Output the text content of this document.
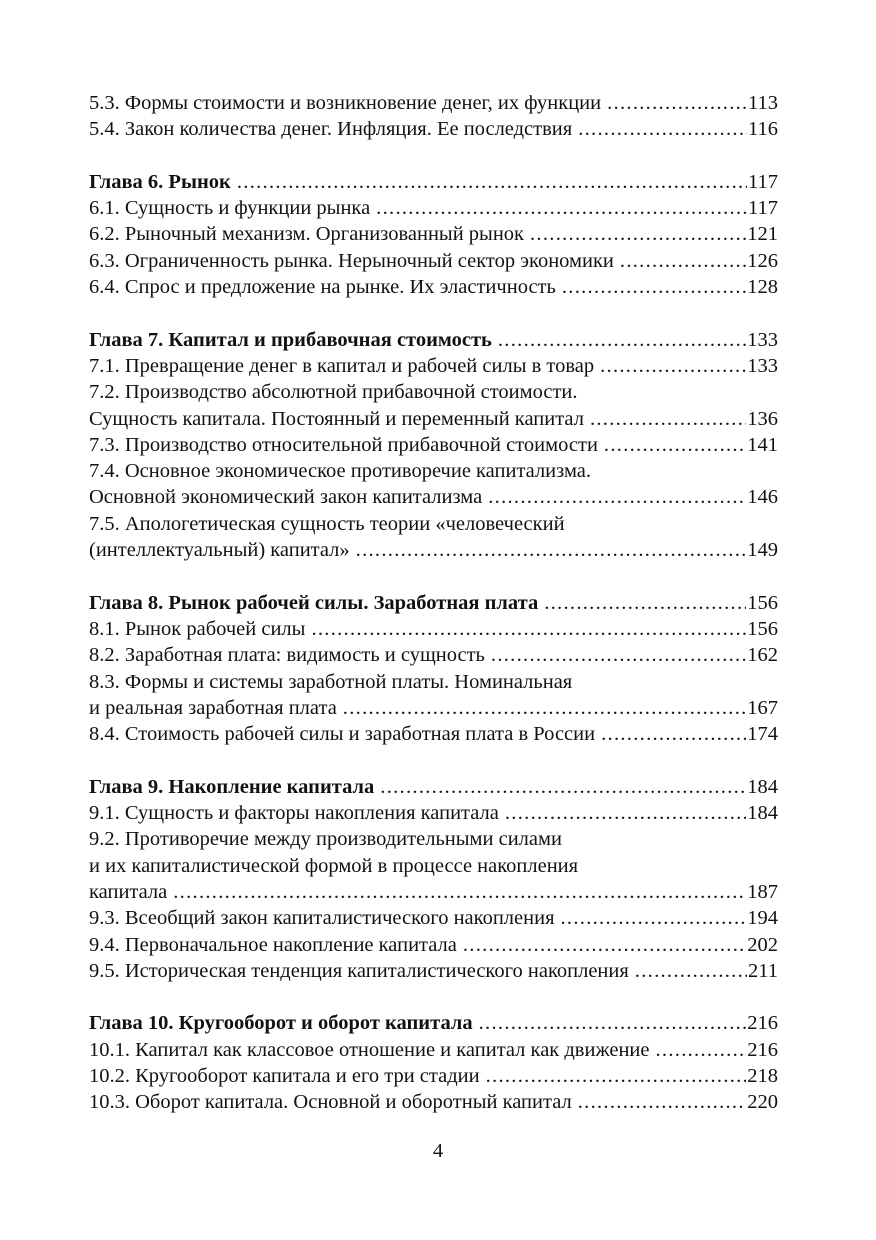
5.3. Формы стоимости и возникновение денег, их функции .....	113
5.4. Закон количества денег. Инфляция. Ее последствия .....	116
Глава 6. Рынок .....	117
6.1. Сущность и функции рынка .....	117
6.2. Рыночный механизм. Организованный рынок .....	121
6.3. Ограниченность рынка. Нерыночный сектор экономики .....	126
6.4. Спрос и предложение на рынке. Их эластичность .....	128
Глава 7. Капитал и прибавочная стоимость .....	133
7.1. Превращение денег в капитал и рабочей силы в товар .....	133
7.2. Производство абсолютной прибавочной стоимости.
Сущность капитала. Постоянный и переменный капитал .....	136
7.3. Производство относительной прибавочной стоимости .....	141
7.4. Основное экономическое противоречие капитализма.
Основной экономический закон капитализма .....	146
7.5. Апологетическая сущность теории «человеческий
(интеллектуальный) капитал» .....	149
Глава 8. Рынок рабочей силы. Заработная плата .....	156
8.1. Рынок рабочей силы .....	156
8.2. Заработная плата: видимость и сущность .....	162
8.3. Формы и системы заработной платы. Номинальная
и реальная заработная плата .....	167
8.4. Стоимость рабочей силы и заработная плата в России .....	174
Глава 9. Накопление капитала .....	184
9.1. Сущность и факторы накопления капитала .....	184
9.2. Противоречие между производительными силами
и их капиталистической формой в процессе накопления
капитала .....	187
9.3. Всеобщий закон капиталистического накопления .....	194
9.4. Первоначальное накопление капитала .....	202
9.5. Историческая тенденция капиталистического накопления .....	211
Глава 10. Кругооборот и оборот капитала .....	216
10.1. Капитал как классовое отношение и капитал как движение .....	216
10.2. Кругооборот капитала и его три стадии .....	218
10.3. Оборот капитала. Основной и оборотный капитал .....	220
4
